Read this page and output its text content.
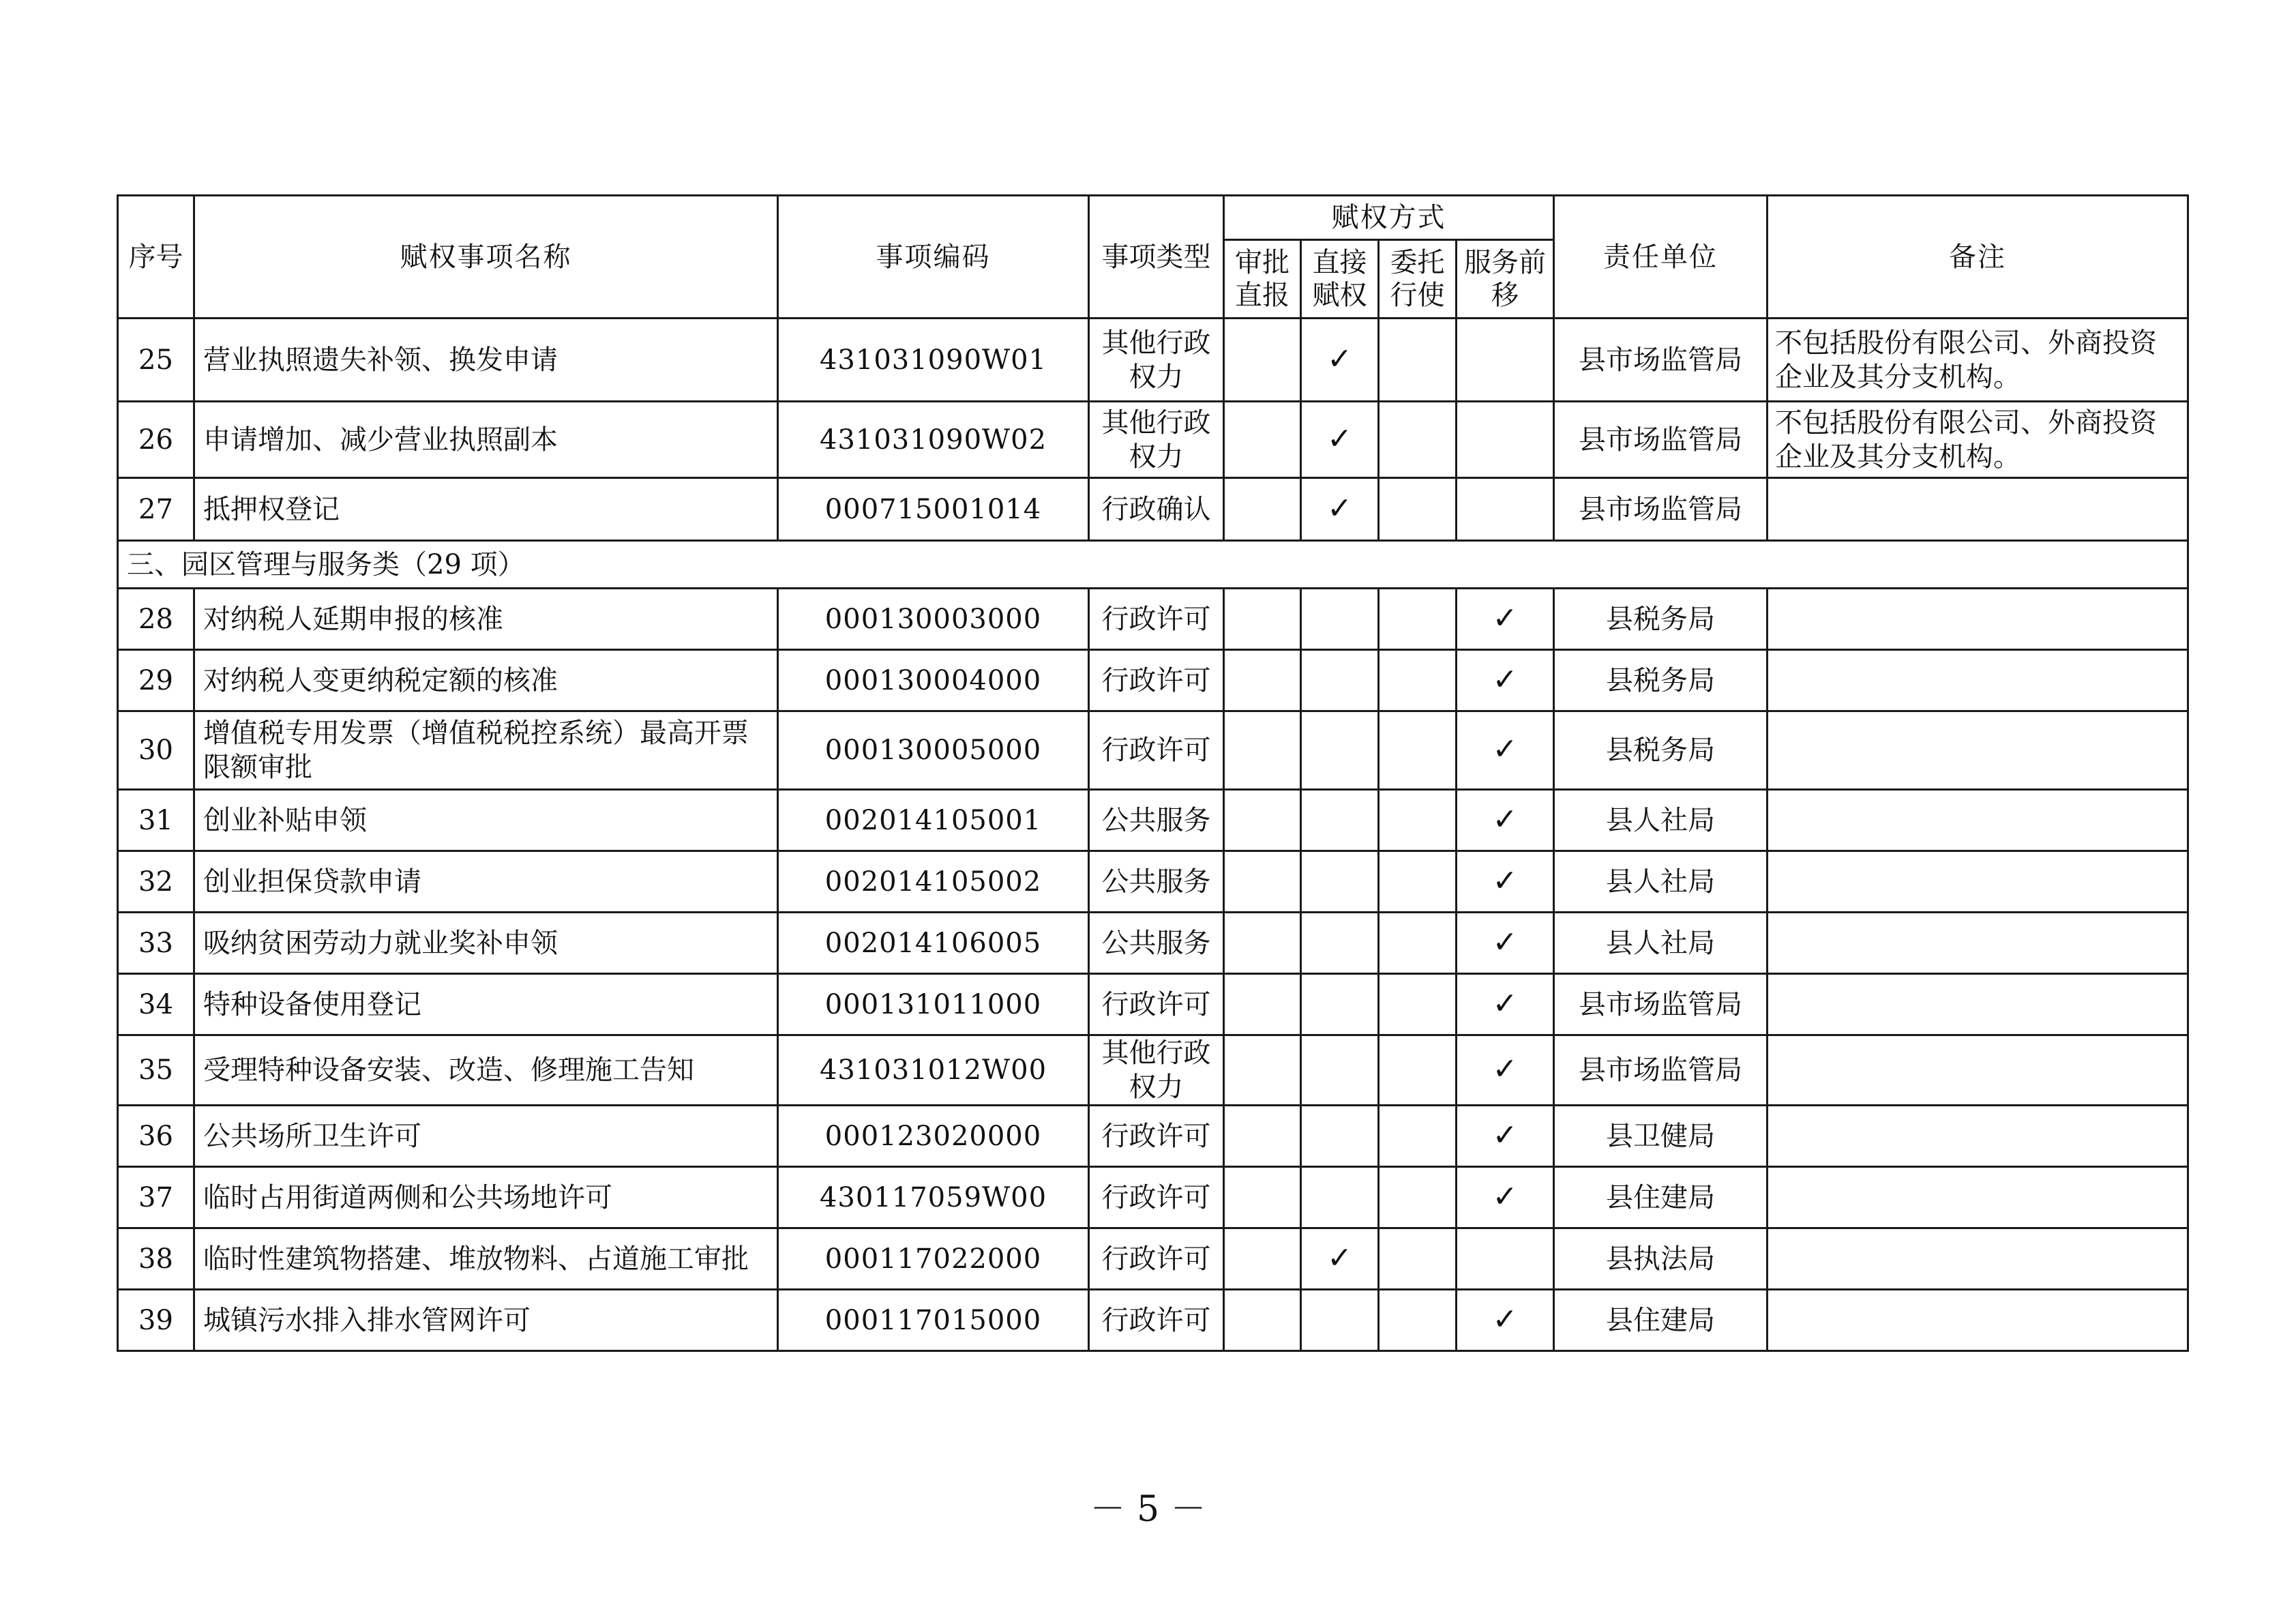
序号	赋权事项名称	事项编码	事项类型	赋权方式				责任单位	备注
				审批直报	直接赋权	委托行使	服务前移		
25	营业执照遗失补领、换发申请	431031090W01	其他行政权力		✓			县市场监管局	不包括股份有限公司、外商投资企业及其分支机构。
26	申请增加、减少营业执照副本	431031090W02	其他行政权力		✓			县市场监管局	不包括股份有限公司、外商投资企业及其分支机构。
27	抵押权登记	000715001014	行政确认		✓			县市场监管局	
三、园区管理与服务类（29 项）									
28	对纳税人延期申报的核准	000130003000	行政许可				✓	县税务局	
29	对纳税人变更纳税定额的核准	000130004000	行政许可				✓	县税务局	
30	增值税专用发票（增值税税控系统）最高开票限额审批	000130005000	行政许可				✓	县税务局	
31	创业补贴申领	002014105001	公共服务				✓	县人社局	
32	创业担保贷款申请	002014105002	公共服务				✓	县人社局	
33	吸纳贫困劳动力就业奖补申领	002014106005	公共服务				✓	县人社局	
34	特种设备使用登记	000131011000	行政许可				✓	县市场监管局	
35	受理特种设备安装、改造、修理施工告知	431031012W00	其他行政权力				✓	县市场监管局	
36	公共场所卫生许可	000123020000	行政许可				✓	县卫健局	
37	临时占用街道两侧和公共场地许可	430117059W00	行政许可				✓	县住建局	
38	临时性建筑物搭建、堆放物料、占道施工审批	000117022000	行政许可		✓			县执法局	
39	城镇污水排入排水管网许可	000117015000	行政许可				✓	县住建局	
－ 5 －
